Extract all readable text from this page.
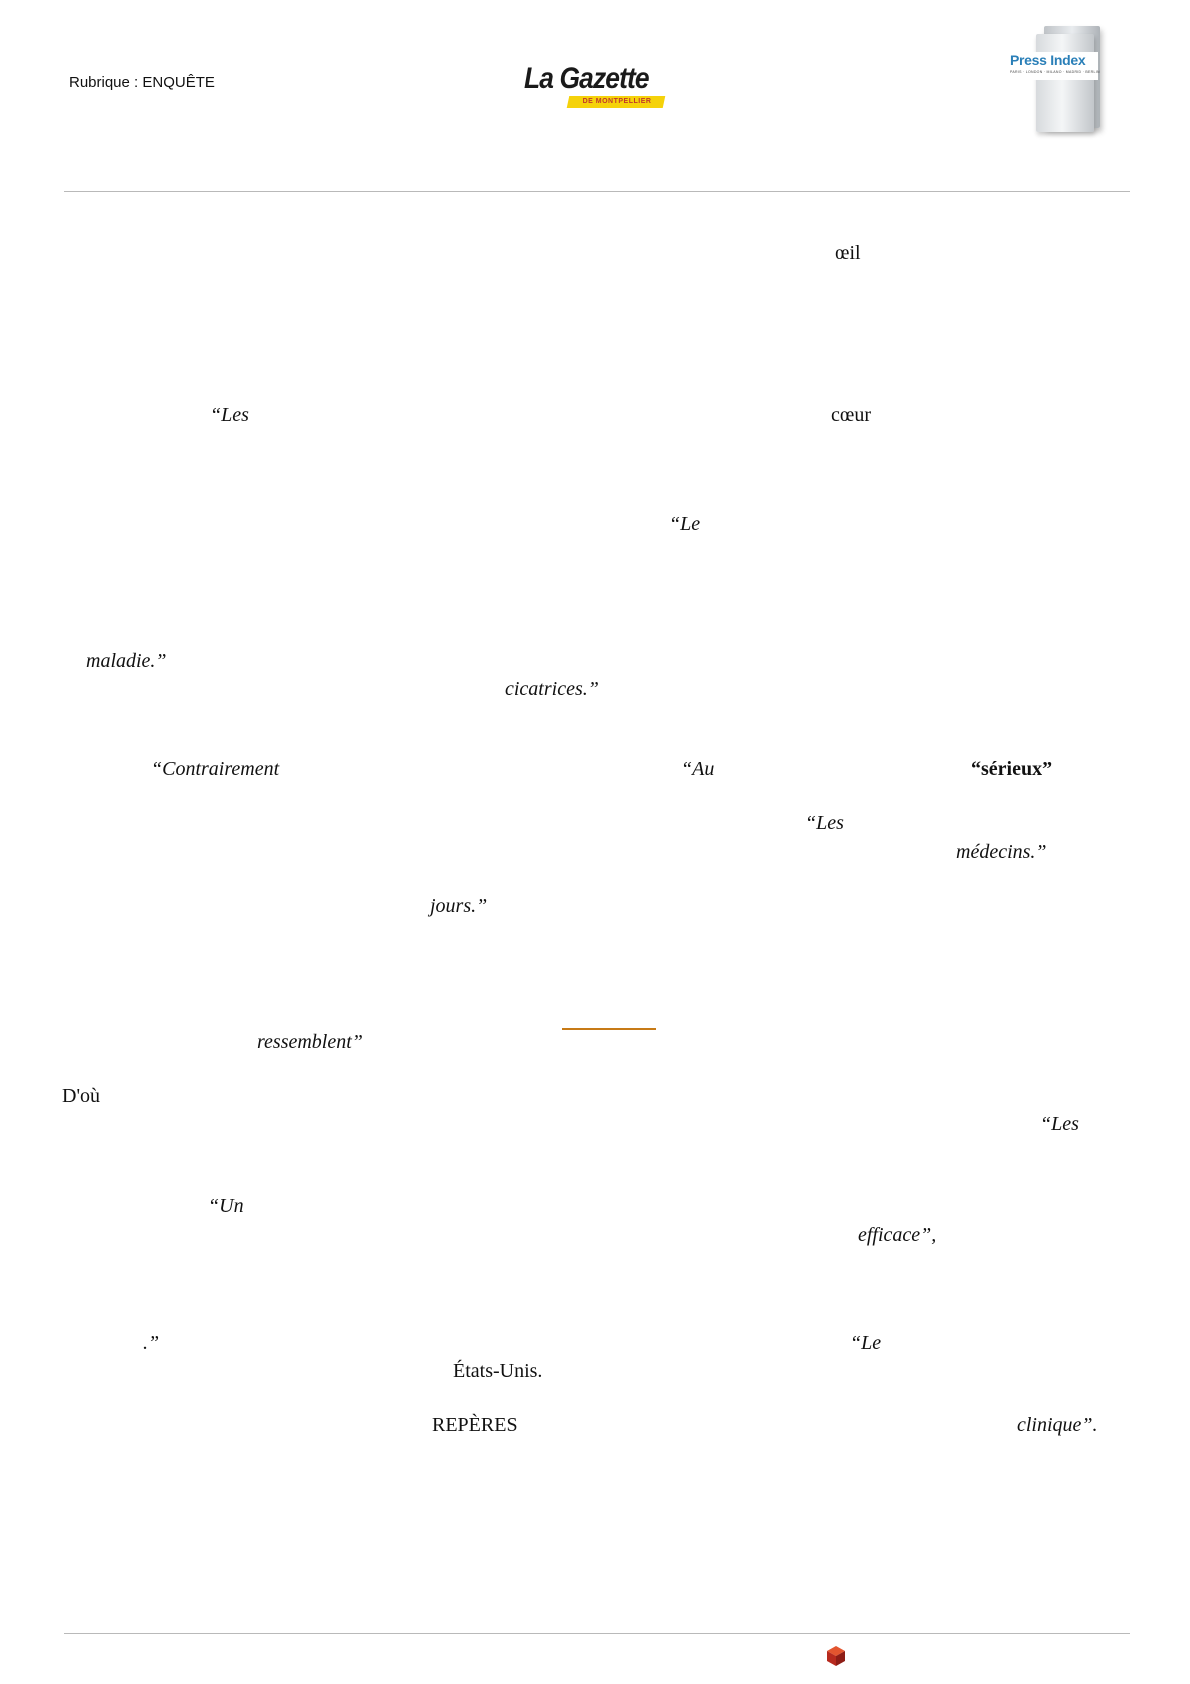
Rubrique : ENQUÊTE	La Gazette
DE MONTPELLIER
Press Index
PARIS · LONDON · MILANO · MADRID · BERLIN
œil
“Les	cœur
“Le
maladie.”
cicatrices.”
“Contrairement	“Au	“sérieux”
“Les
médecins.”
jours.”
ressemblent”
D'où
“Les
“Un
efficace”,
.”	“Le
États-Unis.
REPÈRES	clinique”.
